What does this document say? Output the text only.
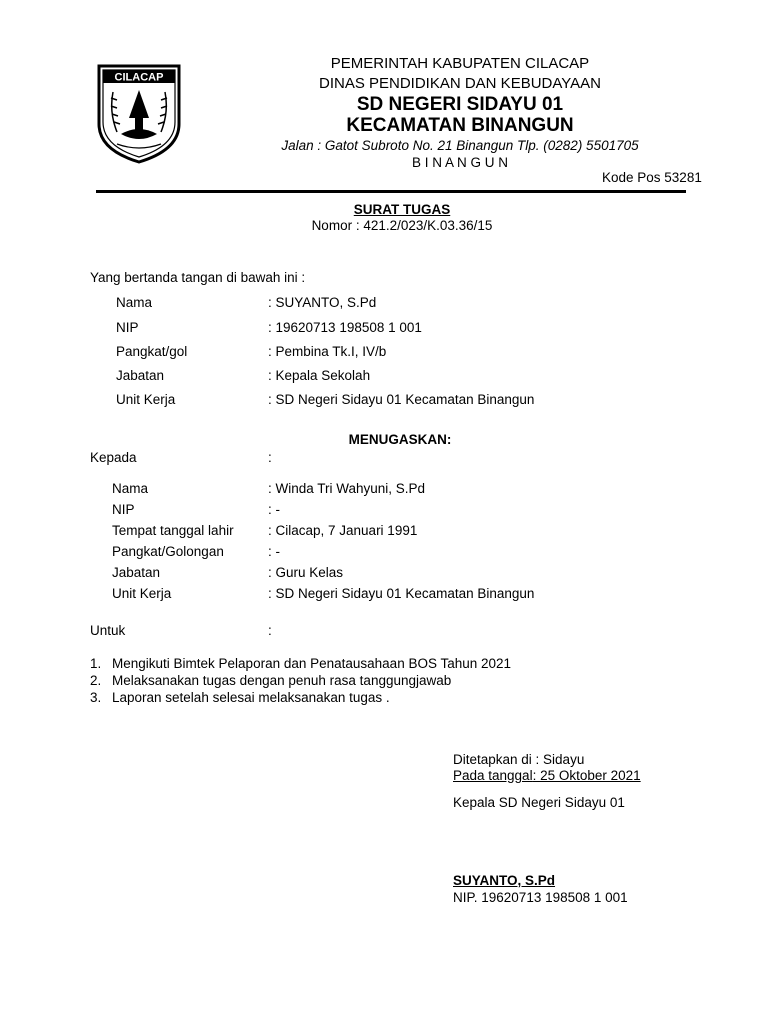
CILACAP
PEMERINTAH KABUPATEN CILACAP
DINAS PENDIDIKAN DAN KEBUDAYAAN
SD NEGERI SIDAYU 01
KECAMATAN BINANGUN
Jalan : Gatot Subroto No. 21 Binangun Tlp. (0282) 5501705
B I N A N G U N
Kode Pos 53281
SURAT TUGAS
Nomor : 421.2/023/K.03.36/15
Yang bertanda tangan di bawah ini :
Nama	: SUYANTO, S.Pd
NIP	: 19620713 198508 1 001
Pangkat/gol	: Pembina Tk.I, IV/b
Jabatan	: Kepala Sekolah
Unit Kerja	: SD Negeri Sidayu 01 Kecamatan Binangun
MENUGASKAN:
Kepada	:
Nama	: Winda Tri Wahyuni, S.Pd
NIP	: -
Tempat tanggal lahir	: Cilacap, 7 Januari 1991
Pangkat/Golongan	: -
Jabatan	: Guru Kelas
Unit Kerja	: SD Negeri Sidayu 01 Kecamatan Binangun
Untuk	:
1. Mengikuti Bimtek Pelaporan dan Penatausahaan BOS Tahun 2021
2. Melaksanakan tugas dengan penuh rasa tanggungjawab
3. Laporan setelah selesai melaksanakan tugas .
Ditetapkan di : Sidayu
Pada tanggal: 25 Oktober 2021
Kepala SD Negeri Sidayu 01
SUYANTO, S.Pd
NIP. 19620713 198508 1 001
